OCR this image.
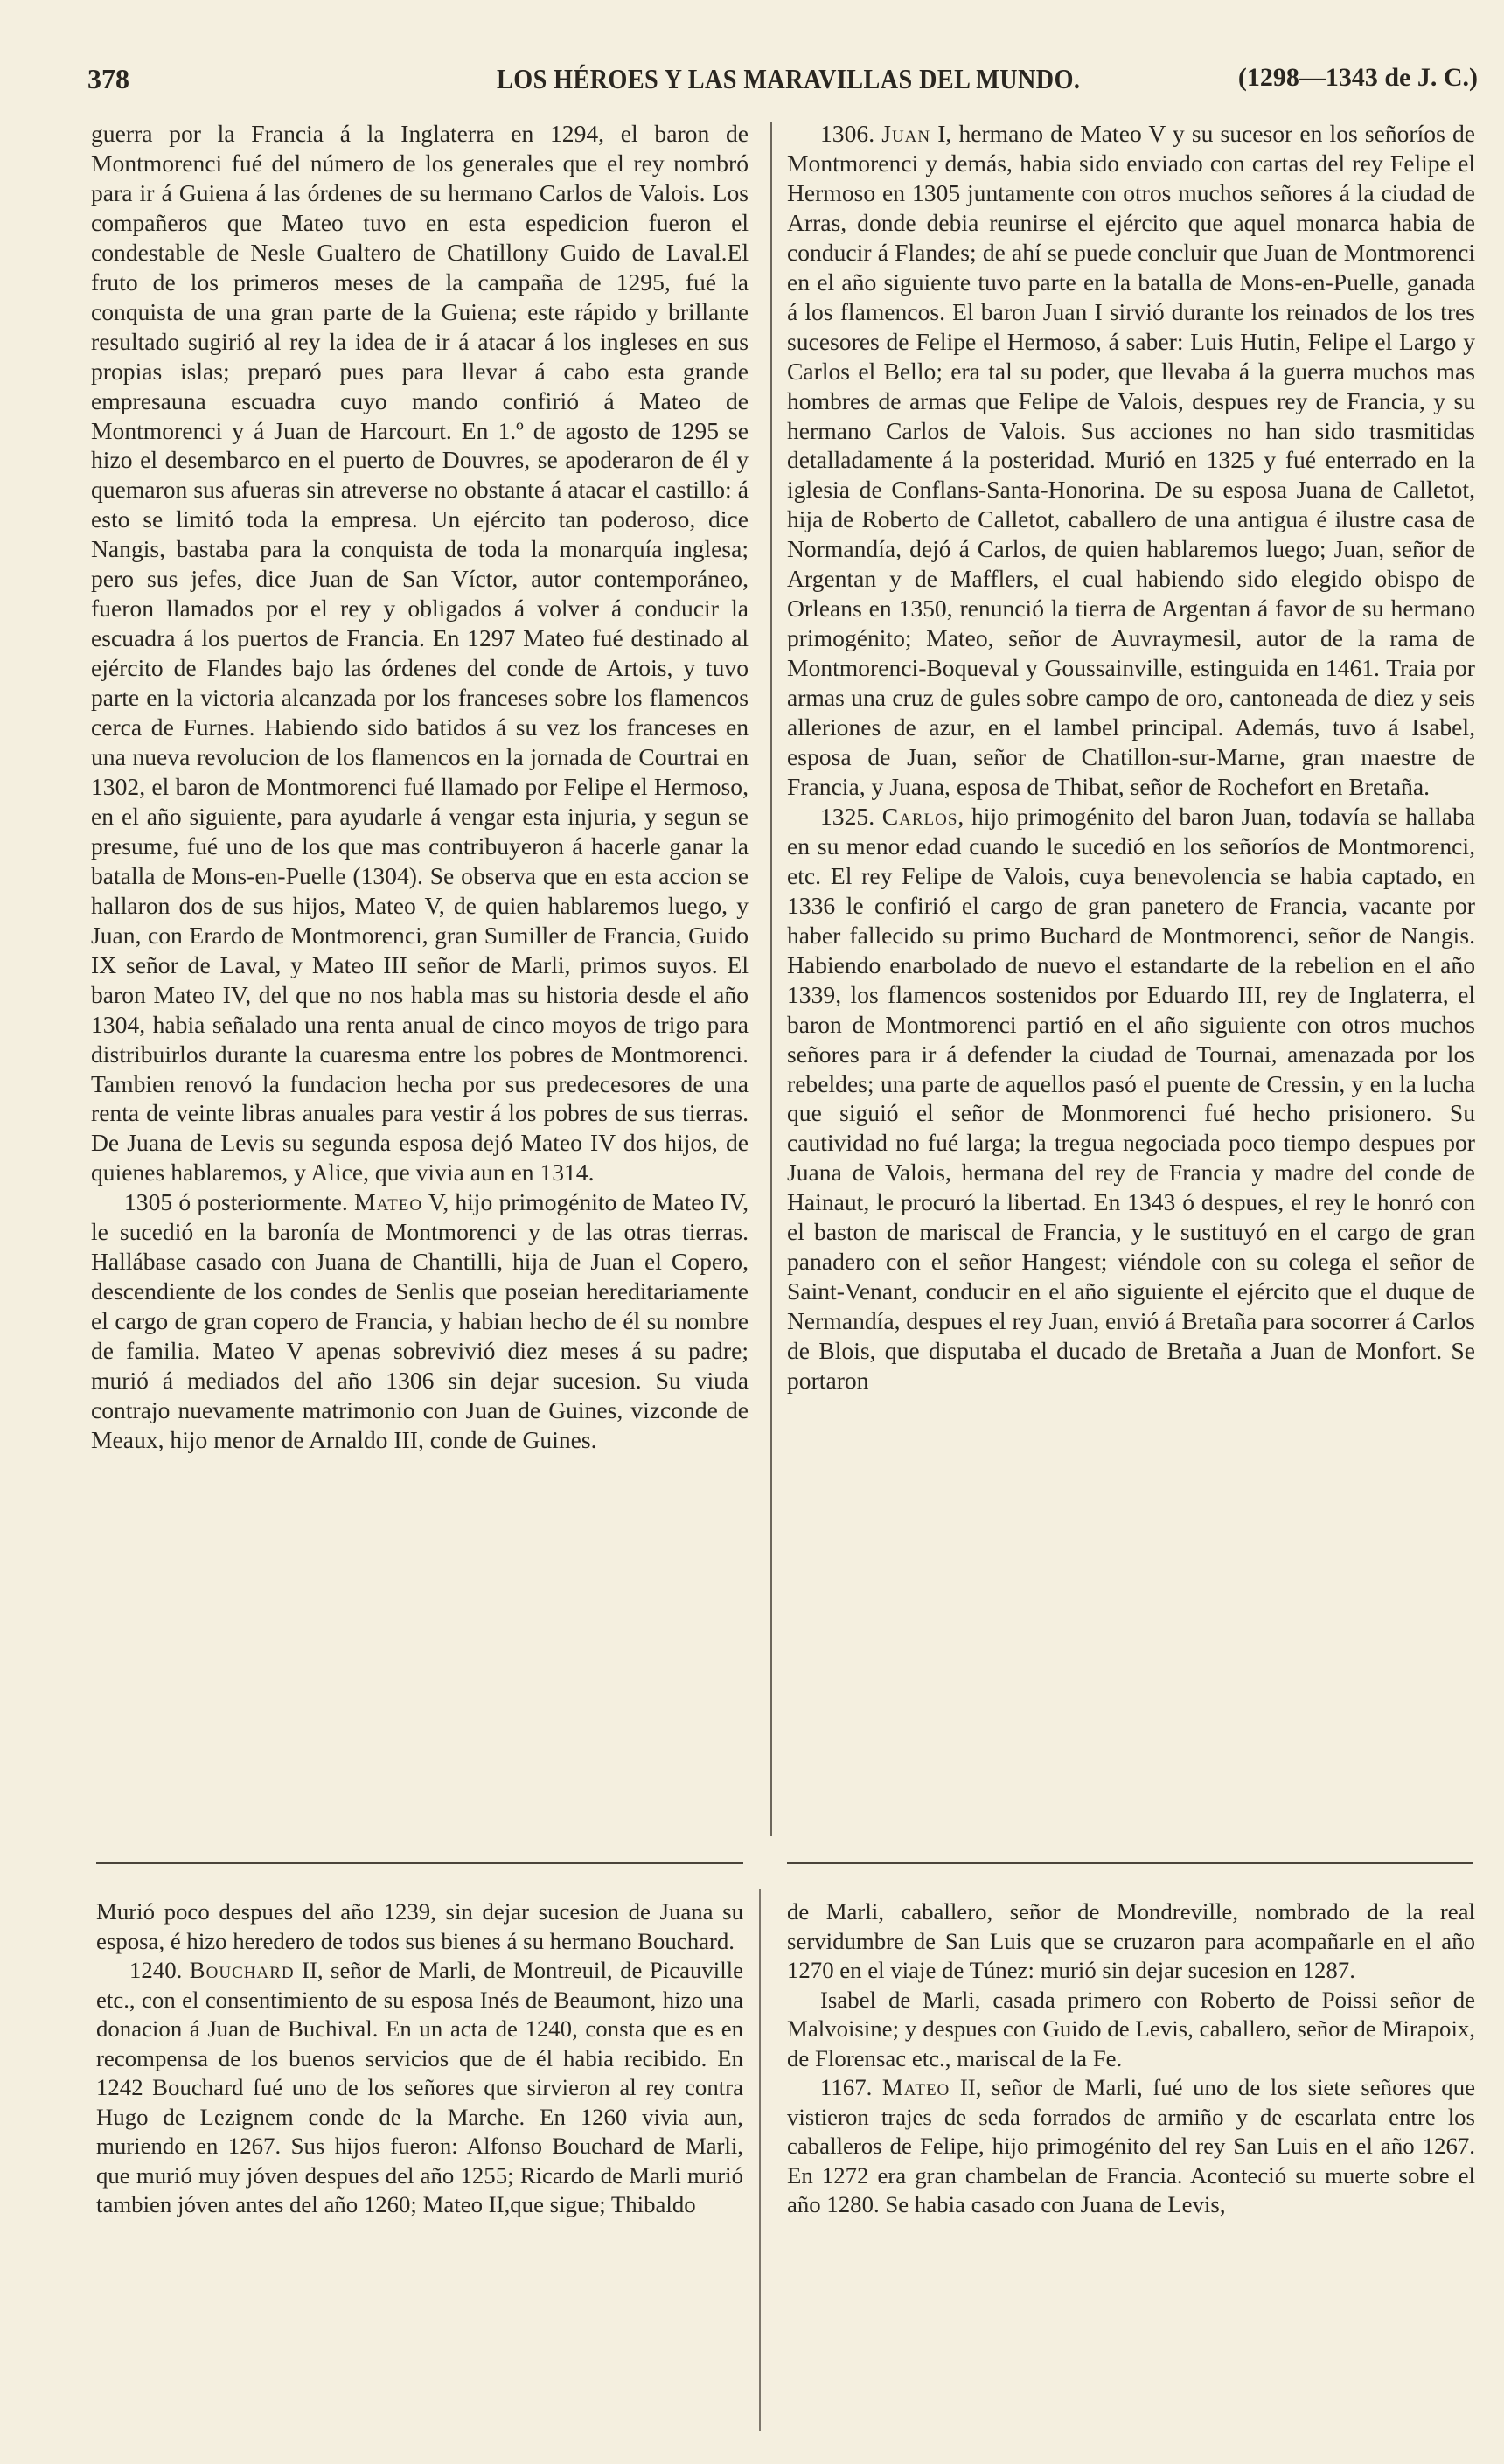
378	LOS HÉROES Y LAS MARAVILLAS DEL MUNDO.	(1298—1343 de J. C.)

guerra por la Francia á la Inglaterra en 1294, el baron de Montmorenci fué del número de los generales que el rey nombró para ir á Guiena á las órdenes de su hermano Carlos de Valois. Los compañeros que Mateo tuvo en esta espedicion fueron el condestable de Nesle Gualtero de Chatillony Guido de Laval.El fruto de los primeros meses de la campaña de 1295, fué la conquista de una gran parte de la Guiena; este rápido y brillante resultado sugirió al rey la idea de ir á atacar á los ingleses en sus propias islas; preparó pues para llevar á cabo esta grande empresauna escuadra cuyo mando confirió á Mateo de Montmorenci y á Juan de Harcourt. En 1.º de agosto de 1295 se hizo el desembarco en el puerto de Douvres, se apoderaron de él y quemaron sus afueras sin atreverse no obstante á atacar el castillo: á esto se limitó toda la empresa. Un ejército tan poderoso, dice Nangis, bastaba para la conquista de toda la monarquía inglesa; pero sus jefes, dice Juan de San Víctor, autor contemporáneo, fueron llamados por el rey y obligados á volver á conducir la escuadra á los puertos de Francia. En 1297 Mateo fué destinado al ejército de Flandes bajo las órdenes del conde de Artois, y tuvo parte en la victoria alcanzada por los franceses sobre los flamencos cerca de Furnes. Habiendo sido batidos á su vez los franceses en una nueva revolucion de los flamencos en la jornada de Courtrai en 1302, el baron de Montmorenci fué llamado por Felipe el Hermoso, en el año siguiente, para ayudarle á vengar esta injuria, y segun se presume, fué uno de los que mas contribuyeron á hacerle ganar la batalla de Mons-en-Puelle (1304). Se observa que en esta accion se hallaron dos de sus hijos, Mateo V, de quien hablaremos luego, y Juan, con Erardo de Montmorenci, gran Sumiller de Francia, Guido IX señor de Laval, y Mateo III señor de Marli, primos suyos. El baron Mateo IV, del que no nos habla mas su historia desde el año 1304, habia señalado una renta anual de cinco moyos de trigo para distribuirlos durante la cuaresma entre los pobres de Montmorenci. Tambien renovó la fundacion hecha por sus predecesores de una renta de veinte libras anuales para vestir á los pobres de sus tierras. De Juana de Levis su segunda esposa dejó Mateo IV dos hijos, de quienes hablaremos, y Alice, que vivia aun en 1314.

1305 ó posteriormente. Mateo V, hijo primogénito de Mateo IV, le sucedió en la baronía de Montmorenci y de las otras tierras. Hallábase casado con Juana de Chantilli, hija de Juan el Copero, descendiente de los condes de Senlis que poseian hereditariamente el cargo de gran copero de Francia, y habian hecho de él su nombre de familia. Mateo V apenas sobrevivió diez meses á su padre; murió á mediados del año 1306 sin dejar sucesion. Su viuda contrajo nuevamente matrimonio con Juan de Guines, vizconde de Meaux, hijo menor de Arnaldo III, conde de Guines.

1306. Juan I, hermano de Mateo V y su sucesor en los señoríos de Montmorenci y demás, habia sido enviado con cartas del rey Felipe el Hermoso en 1305 juntamente con otros muchos señores á la ciudad de Arras, donde debia reunirse el ejército que aquel monarca habia de conducir á Flandes; de ahí se puede concluir que Juan de Montmorenci en el año siguiente tuvo parte en la batalla de Mons-en-Puelle, ganada á los flamencos. El baron Juan I sirvió durante los reinados de los tres sucesores de Felipe el Hermoso, á saber: Luis Hutin, Felipe el Largo y Carlos el Bello; era tal su poder, que llevaba á la guerra muchos mas hombres de armas que Felipe de Valois, despues rey de Francia, y su hermano Carlos de Valois. Sus acciones no han sido trasmitidas detalladamente á la posteridad. Murió en 1325 y fué enterrado en la iglesia de Conflans-Santa-Honorina. De su esposa Juana de Calletot, hija de Roberto de Calletot, caballero de una antigua é ilustre casa de Normandía, dejó á Carlos, de quien hablaremos luego; Juan, señor de Argentan y de Mafflers, el cual habiendo sido elegido obispo de Orleans en 1350, renunció la tierra de Argentan á favor de su hermano primogénito; Mateo, señor de Auvraymesil, autor de la rama de Montmorenci-Boqueval y Goussainville, estinguida en 1461. Traia por armas una cruz de gules sobre campo de oro, cantoneada de diez y seis alleriones de azur, en el lambel principal. Además, tuvo á Isabel, esposa de Juan, señor de Chatillon-sur-Marne, gran maestre de Francia, y Juana, esposa de Thibat, señor de Rochefort en Bretaña.

1325. Carlos, hijo primogénito del baron Juan, todavía se hallaba en su menor edad cuando le sucedió en los señoríos de Montmorenci, etc. El rey Felipe de Valois, cuya benevolencia se habia captado, en 1336 le confirió el cargo de gran panetero de Francia, vacante por haber fallecido su primo Buchard de Montmorenci, señor de Nangis. Habiendo enarbolado de nuevo el estandarte de la rebelion en el año 1339, los flamencos sostenidos por Eduardo III, rey de Inglaterra, el baron de Montmorenci partió en el año siguiente con otros muchos señores para ir á defender la ciudad de Tournai, amenazada por los rebeldes; una parte de aquellos pasó el puente de Cressin, y en la lucha que siguió el señor de Monmorenci fué hecho prisionero. Su cautividad no fué larga; la tregua negociada poco tiempo despues por Juana de Valois, hermana del rey de Francia y madre del conde de Hainaut, le procuró la libertad. En 1343 ó despues, el rey le honró con el baston de mariscal de Francia, y le sustituyó en el cargo de gran panadero con el señor Hangest; viéndole con su colega el señor de Saint-Venant, conducir en el año siguiente el ejército que el duque de Nermandía, despues el rey Juan, envió á Bretaña para socorrer á Carlos de Blois, que disputaba el ducado de Bretaña a Juan de Monfort. Se portaron

Murió poco despues del año 1239, sin dejar sucesion de Juana su esposa, é hizo heredero de todos sus bienes á su hermano Bouchard.

1240. Bouchard II, señor de Marli, de Montreuil, de Picauville etc., con el consentimiento de su esposa Inés de Beaumont, hizo una donacion á Juan de Buchival. En un acta de 1240, consta que es en recompensa de los buenos servicios que de él habia recibido. En 1242 Bouchard fué uno de los señores que sirvieron al rey contra Hugo de Lezignem conde de la Marche. En 1260 vivia aun, muriendo en 1267. Sus hijos fueron: Alfonso Bouchard de Marli, que murió muy jóven despues del año 1255; Ricardo de Marli murió tambien jóven antes del año 1260; Mateo II,que sigue; Thibaldo

de Marli, caballero, señor de Mondreville, nombrado de la real servidumbre de San Luis que se cruzaron para acompañarle en el año 1270 en el viaje de Túnez: murió sin dejar sucesion en 1287.

Isabel de Marli, casada primero con Roberto de Poissi señor de Malvoisine; y despues con Guido de Levis, caballero, señor de Mirapoix, de Florensac etc., mariscal de la Fe.

1167. Mateo II, señor de Marli, fué uno de los siete señores que vistieron trajes de seda forrados de armiño y de escarlata entre los caballeros de Felipe, hijo primogénito del rey San Luis en el año 1267. En 1272 era gran chambelan de Francia. Aconteció su muerte sobre el año 1280. Se habia casado con Juana de Levis,
